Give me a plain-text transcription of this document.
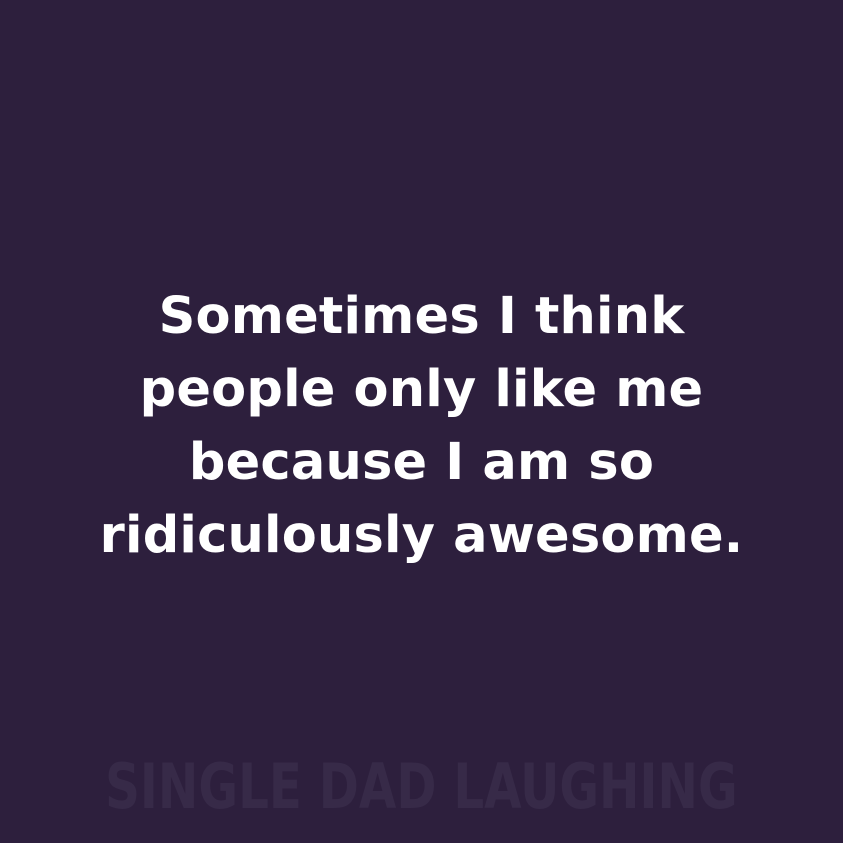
Sometimes I think
people only like me
because I am so
ridiculously awesome.
SINGLE DAD LAUGHING
